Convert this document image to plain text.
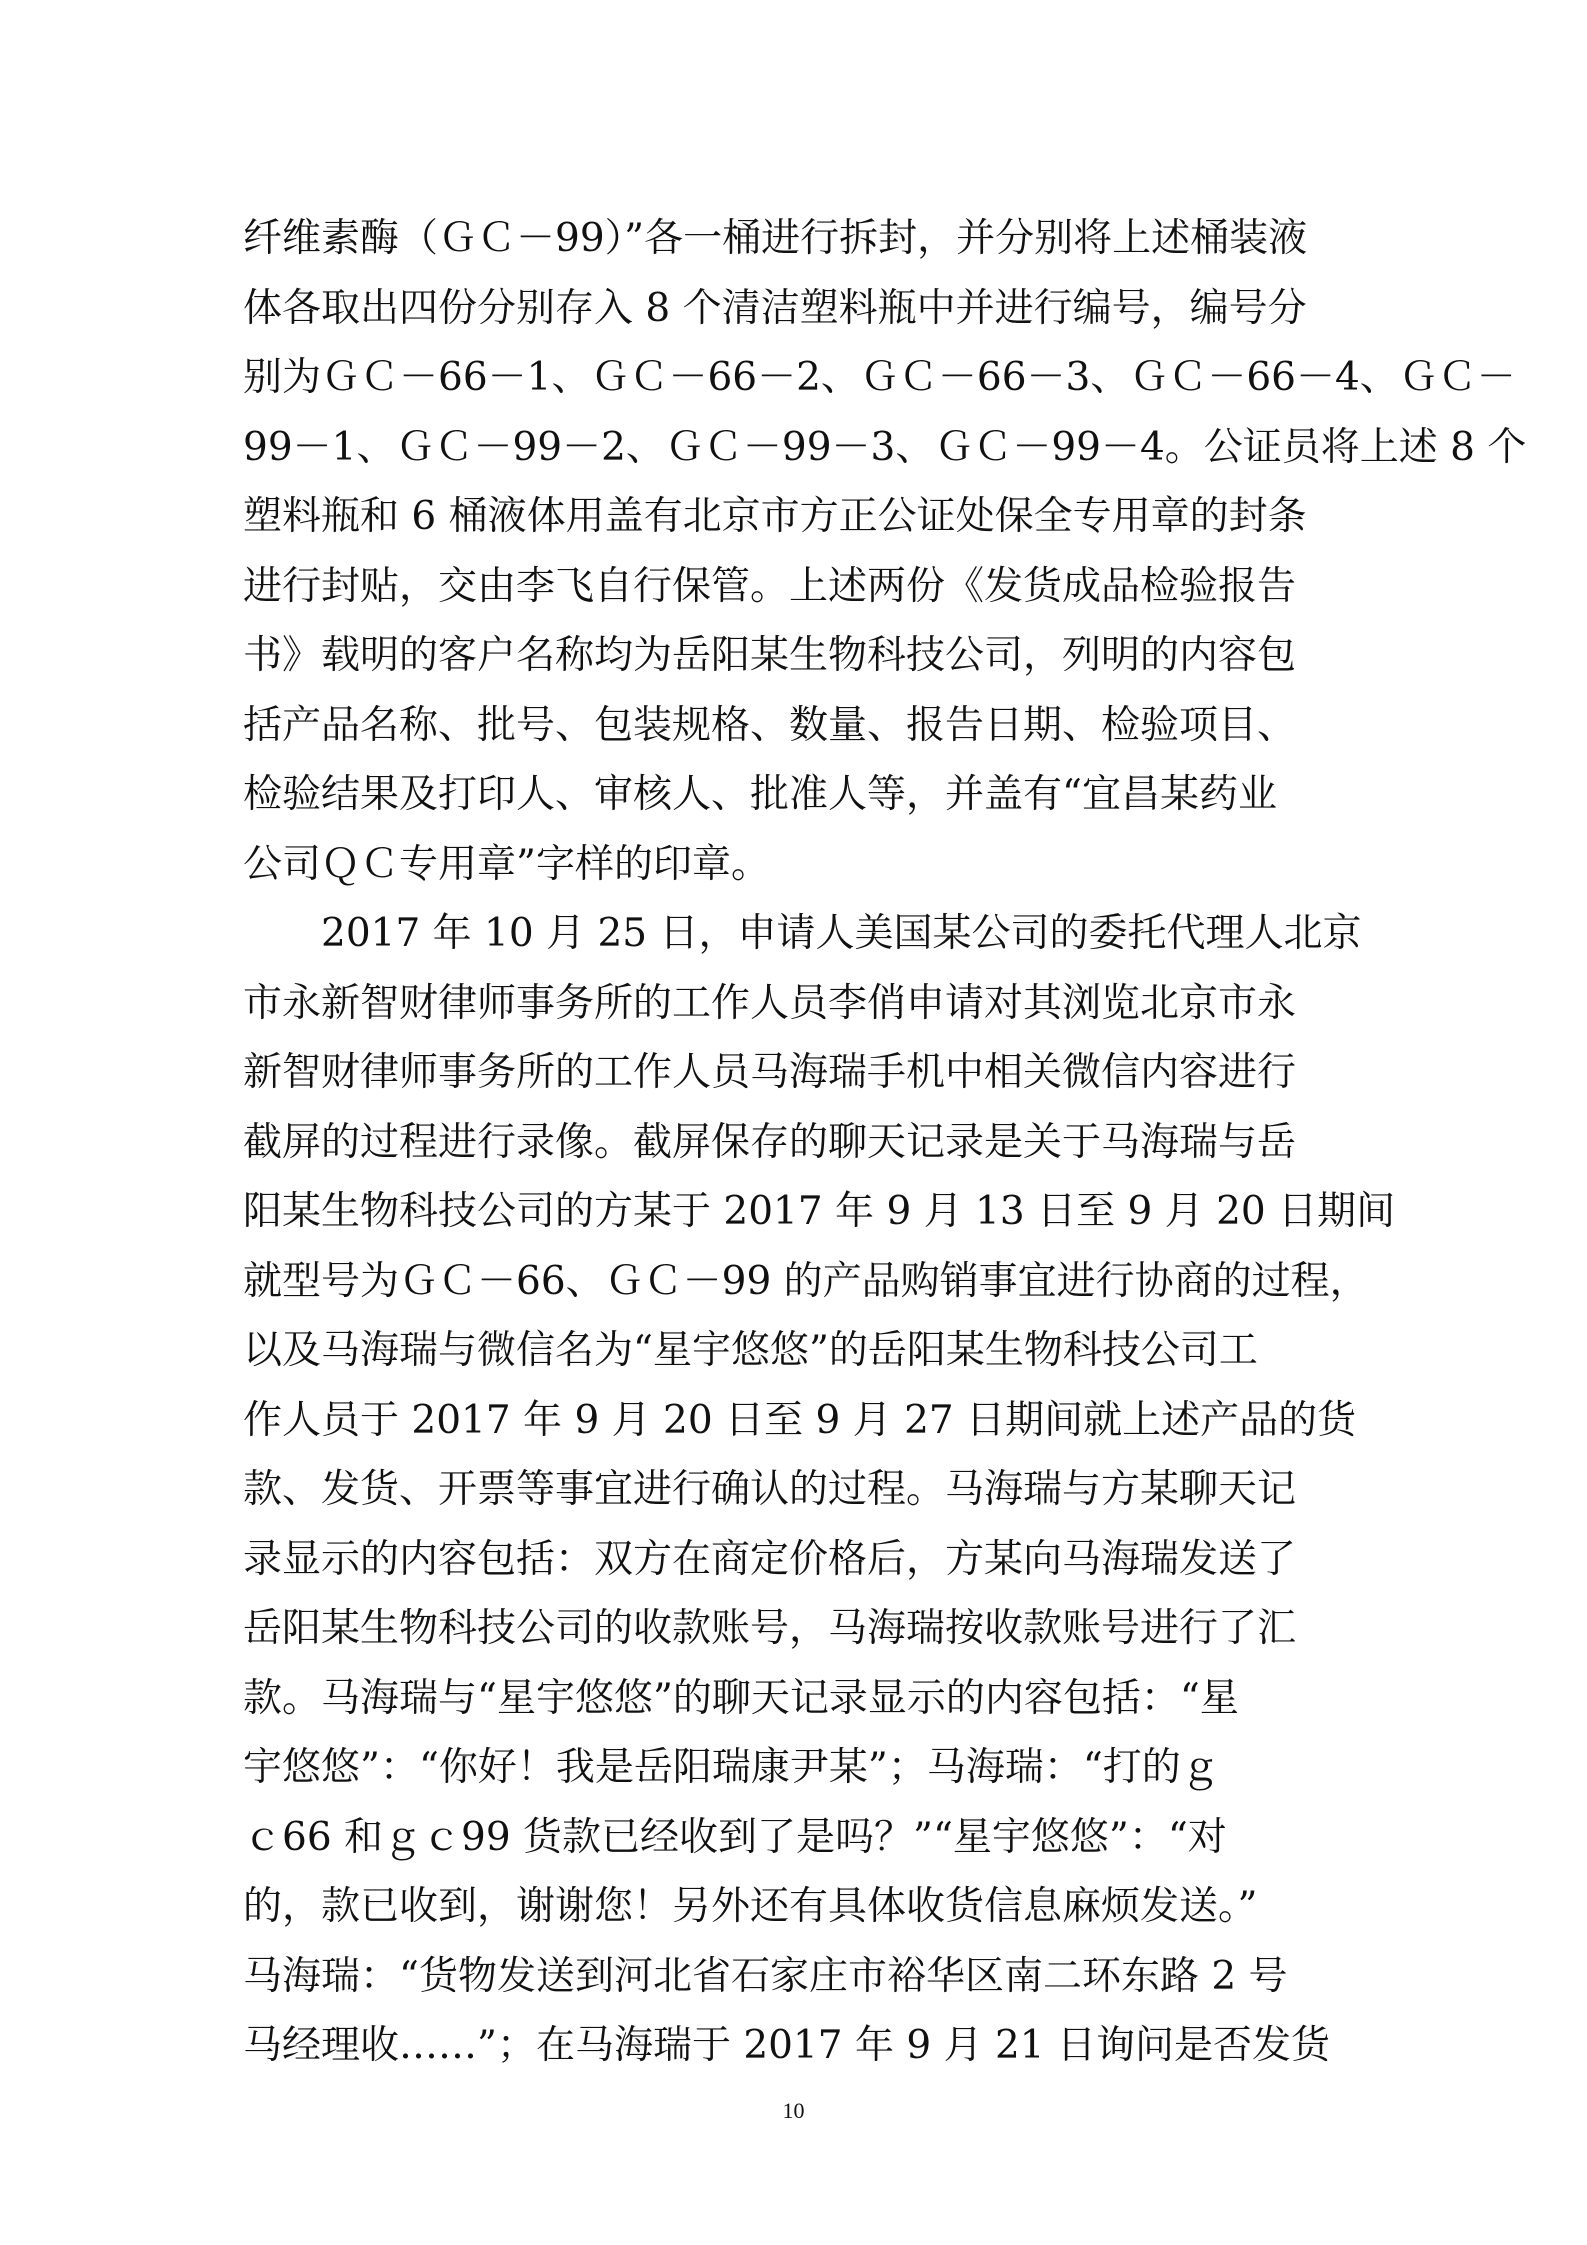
纤维素酶（ＧＣ－99）”各一桶进行拆封，并分别将上述桶装液
体各取出四份分别存入 8 个清洁塑料瓶中并进行编号，编号分
别为ＧＣ－66－1、ＧＣ－66－2、ＧＣ－66－3、ＧＣ－66－4、ＧＣ－
99－1、ＧＣ－99－2、ＧＣ－99－3、ＧＣ－99－4。公证员将上述 8 个
塑料瓶和 6 桶液体用盖有北京市方正公证处保全专用章的封条
进行封贴，交由李飞自行保管。上述两份《发货成品检验报告
书》载明的客户名称均为岳阳某生物科技公司，列明的内容包
括产品名称、批号、包装规格、数量、报告日期、检验项目、
检验结果及打印人、审核人、批准人等，并盖有“宜昌某药业
公司ＱＣ专用章”字样的印章。
2017 年 10 月 25 日，申请人美国某公司的委托代理人北京
市永新智财律师事务所的工作人员李俏申请对其浏览北京市永
新智财律师事务所的工作人员马海瑞手机中相关微信内容进行
截屏的过程进行录像。截屏保存的聊天记录是关于马海瑞与岳
阳某生物科技公司的方某于 2017 年 9 月 13 日至 9 月 20 日期间
就型号为ＧＣ－66、ＧＣ－99 的产品购销事宜进行协商的过程，
以及马海瑞与微信名为“星宇悠悠”的岳阳某生物科技公司工
作人员于 2017 年 9 月 20 日至 9 月 27 日期间就上述产品的货
款、发货、开票等事宜进行确认的过程。马海瑞与方某聊天记
录显示的内容包括：双方在商定价格后，方某向马海瑞发送了
岳阳某生物科技公司的收款账号，马海瑞按收款账号进行了汇
款。马海瑞与“星宇悠悠”的聊天记录显示的内容包括：“星
宇悠悠”：“你好！我是岳阳瑞康尹某”；马海瑞：“打的ｇ
ｃ66 和ｇｃ99 货款已经收到了是吗？”“星宇悠悠”：“对
的，款已收到，谢谢您！另外还有具体收货信息麻烦发送。”
马海瑞：“货物发送到河北省石家庄市裕华区南二环东路 2 号
马经理收……”；在马海瑞于 2017 年 9 月 21 日询问是否发货
10
